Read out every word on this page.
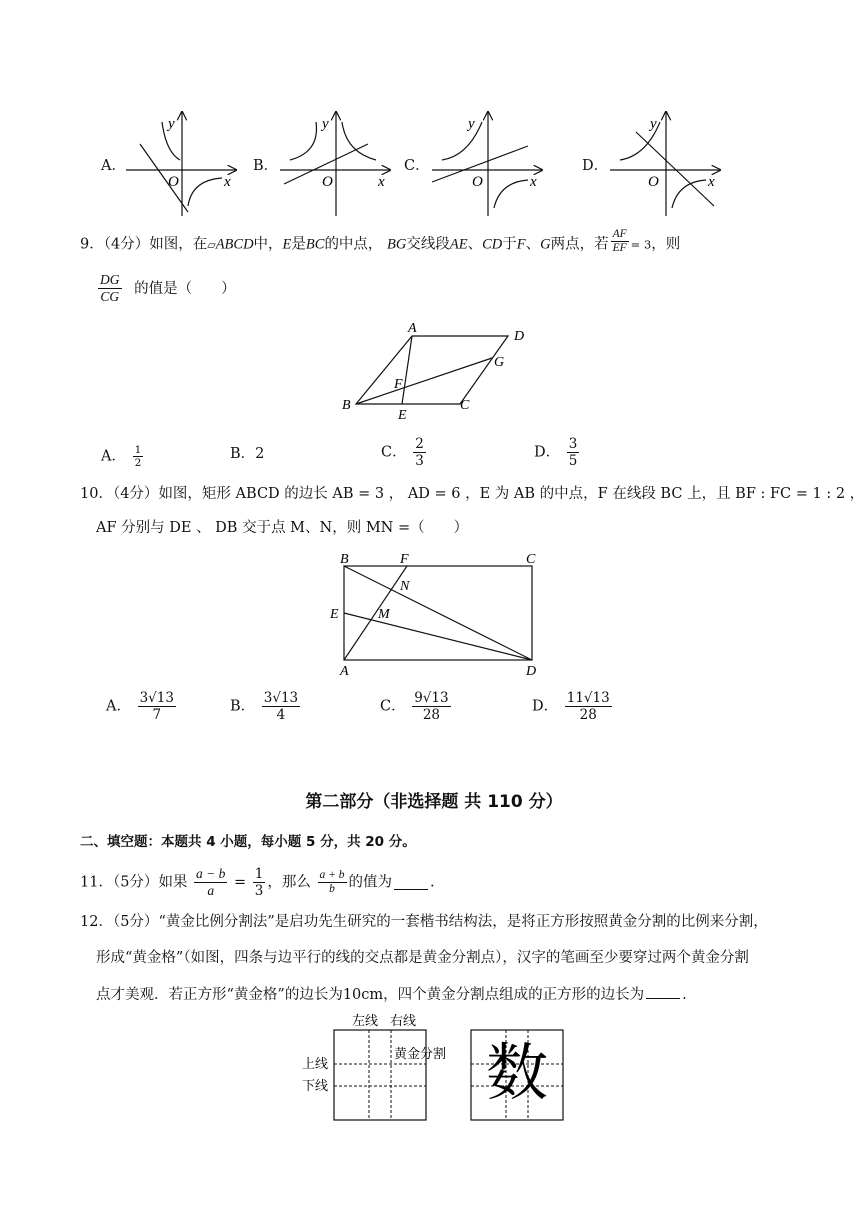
A．
y
x
O
B．
y
x
O
C．
y
x
O
D．
y
x
O
9．（4分）如图，在▱ABCD中，E是BC的中点， BG交线段AE、CD于F、G两点，若 $\frac{AF}{EF} = 3$，则
$\frac{DG}{CG}$ 的值是（　　）
A
D
B	C
E
F
G
A． $\frac{1}{2}$	B．2	C． $\frac{2}{3}$	D． $\frac{3}{5}$
10．（4分）如图，矩形 ABCD 的边长 AB = 3 ， AD = 6 ，E 为 AB 的中点，F 在线段 BC 上，且 BF : FC = 1 : 2 ，
AF 分别与 DE 、 DB 交于点 M、N，则 MN =（　　）
B	F	C
E
A	D
N
M
A． $\frac{3√13}{7}$	B． $\frac{3√13}{4}$	C． $\frac{9√13}{28}$	D． $\frac{11√13}{28}$
第二部分（非选择题 共 110 分）
二、填空题：本题共 4 小题，每小题 5 分，共 20 分。
11．（5分）如果 $\frac{a - b}{a} = \frac{1}{3}$ ，那么 $\frac{a + b}{b}$ 的值为	.
12．（5分）“黄金比例分割法”是启功先生研究的一套楷书结构法，是将正方形按照黄金分割的比例来分割，
形成“黄金格”（如图，四条与边平行的线的交点都是黄金分割点），汉字的笔画至少要穿过两个黄金分割
点才美观．若正方形“黄金格”的边长为10cm，四个黄金分割点组成的正方形的边长为	.
左线 右线
上线
下线
黄金分割 数
